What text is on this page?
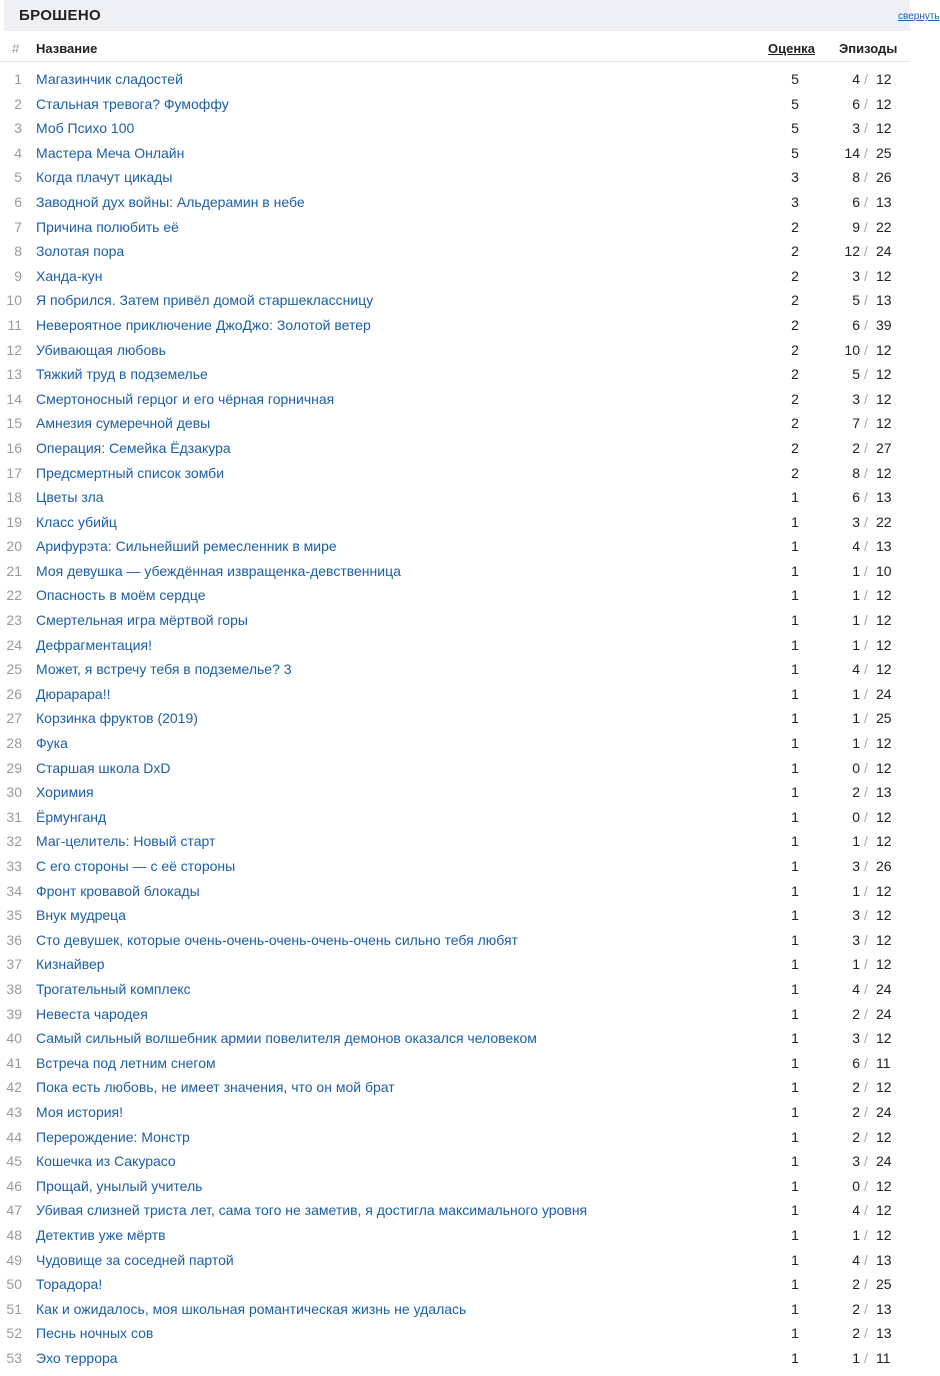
БРОШЕНО	свернуть
# Название	Оценка Эпизоды
1 Магазинчик сладостей	5	4 / 12
2 Стальная тревога? Фумоффу	5	6 / 12
3 Моб Психо 100	5	3 / 12
4 Мастера Меча Онлайн	5	14 / 25
5 Когда плачут цикады	3	8 / 26
6 Заводной дух войны: Альдерамин в небе	3	6 / 13
7 Причина полюбить её	2	9 / 22
8 Золотая пора	2	12 / 24
9 Ханда-кун	2	3 / 12
10 Я побрился. Затем привёл домой старшеклассницу	2	5 / 13
11 Невероятное приключение ДжоДжо: Золотой ветер	2	6 / 39
12 Убивающая любовь	2	10 / 12
13 Тяжкий труд в подземелье	2	5 / 12
14 Смертоносный герцог и его чёрная горничная	2	3 / 12
15 Амнезия сумеречной девы	2	7 / 12
16 Операция: Семейка Ёдзакура	2	2 / 27
17 Предсмертный список зомби	2	8 / 12
18 Цветы зла	1	6 / 13
19 Класс убийц	1	3 / 22
20 Арифурэта: Сильнейший ремесленник в мире	1	4 / 13
21 Моя девушка — убеждённая извращенка-девственница	1	1 / 10
22 Опасность в моём сердце	1	1 / 12
23 Смертельная игра мёртвой горы	1	1 / 12
24 Дефрагментация!	1	1 / 12
25 Может, я встречу тебя в подземелье? 3	1	4 / 12
26 Дюрарара!!	1	1 / 24
27 Корзинка фруктов (2019)	1	1 / 25
28 Фука	1	1 / 12
29 Старшая школа DxD	1	0 / 12
30 Хоримия	1	2 / 13
31 Ёрмунганд	1	0 / 12
32 Маг-целитель: Новый старт	1	1 / 12
33 С его стороны — с её стороны	1	3 / 26
34 Фронт кровавой блокады	1	1 / 12
35 Внук мудреца	1	3 / 12
36 Сто девушек, которые очень-очень-очень-очень-очень сильно тебя любят	1	3 / 12
37 Кизнайвер	1	1 / 12
38 Трогательный комплекс	1	4 / 24
39 Невеста чародея	1	2 / 24
40 Самый сильный волшебник армии повелителя демонов оказался человеком	1	3 / 12
41 Встреча под летним снегом	1	6 / 11
42 Пока есть любовь, не имеет значения, что он мой брат	1	2 / 12
43 Моя история!	1	2 / 24
44 Перерождение: Монстр	1	2 / 12
45 Кошечка из Сакурасо	1	3 / 24
46 Прощай, унылый учитель	1	0 / 12
47 Убивая слизней триста лет, сама того не заметив, я достигла максимального уровня	1	4 / 12
48 Детектив уже мёртв	1	1 / 12
49 Чудовище за соседней партой	1	4 / 13
50 Торадора!	1	2 / 25
51 Как и ожидалось, моя школьная романтическая жизнь не удалась	1	2 / 13
52 Песнь ночных сов	1	2 / 13
53 Эхо террора	1	1 / 11
